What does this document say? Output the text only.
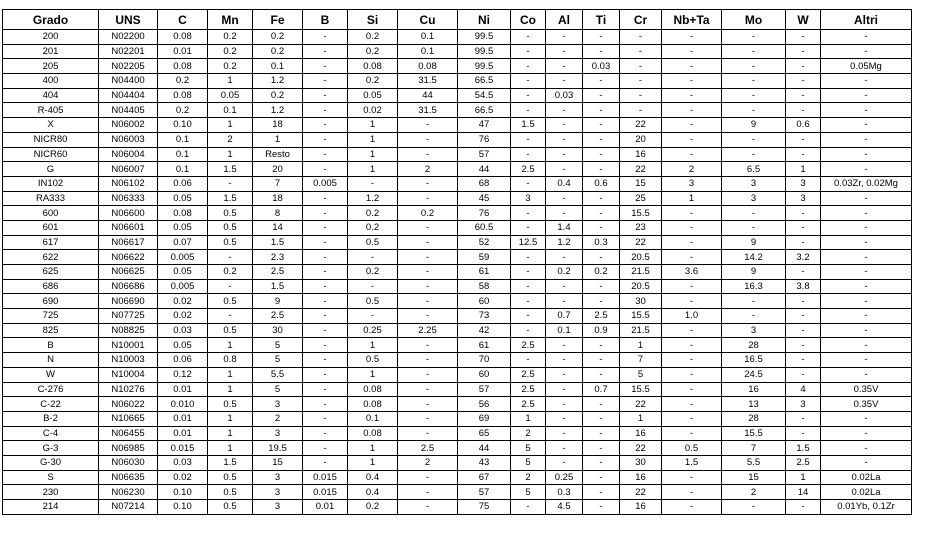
Grado	UNS	C	Mn	Fe	B	Si	Cu	Ni	Co	Al	Ti	Cr	Nb+Ta	Mo	W	Altri
200	N02200	0.08	0.2	0.2	-	0.2	0.1	99.5	-	-	-	-	-	-	-	-
201	N02201	0.01	0.2	0.2	-	0.2	0.1	99.5	-	-	-	-	-	-	-	-
205	N02205	0.08	0.2	0.1	-	0.08	0.08	99.5	-	-	0.03	-	-	-	-	0.05Mg
400	N04400	0.2	1	1.2	-	0.2	31.5	66.5	-	-	-	-	-	-	-	-
404	N04404	0.08	0.05	0.2	-	0.05	44	54.5	-	0.03	-	-	-	-	-	-
R-405	N04405	0.2	0.1	1.2	-	0.02	31.5	66.5	-	-	-	-	-	-	-	-
X	N06002	0.10	1	18	-	1	-	47	1.5	-	-	22	-	9	0.6	-
NICR80	N06003	0.1	2	1	-	1	-	76	-	-	-	20	-	-	-	-
NICR60	N06004	0.1	1	Resto	-	1	-	57	-	-	-	16	-	-	-	-
G	N06007	0.1	1.5	20	-	1	2	44	2.5	-	-	22	2	6.5	1	-
IN102	N06102	0.06	-	7	0.005	-	-	68	-	0.4	0.6	15	3	3	3	0.03Zr, 0.02Mg
RA333	N06333	0.05	1.5	18	-	1.2	-	45	3	-	-	25	1	3	3	-
600	N06600	0.08	0.5	8	-	0.2	0.2	76	-	-	-	15.5	-	-	-	-
601	N06601	0.05	0.5	14	-	0.2	-	60.5	-	1.4	-	23	-	-	-	-
617	N06617	0.07	0.5	1.5	-	0.5	-	52	12.5	1.2	0.3	22	-	9	-	-
622	N06622	0.005	-	2.3	-	-	-	59	-	-	-	20.5	-	14.2	3.2	-
625	N06625	0.05	0.2	2.5	-	0.2	-	61	-	0.2	0.2	21.5	3.6	9	-	-
686	N06686	0.005	-	1.5	-	-	-	58	-	-	-	20.5	-	16.3	3.8	-
690	N06690	0.02	0.5	9	-	0.5	-	60	-	-	-	30	-	-	-	-
725	N07725	0.02	-	2.5	-	-	-	73	-	0.7	2.5	15.5	1.0	-	-	-
825	N08825	0.03	0.5	30	-	0.25	2.25	42	-	0.1	0.9	21.5	-	3	-	-
B	N10001	0.05	1	5	-	1	-	61	2.5	-	-	1	-	28	-	-
N	N10003	0.06	0.8	5	-	0.5	-	70	-	-	-	7	-	16.5	-	-
W	N10004	0.12	1	5.5	-	1	-	60	2.5	-	-	5	-	24.5	-	-
C-276	N10276	0.01	1	5	-	0.08	-	57	2.5	-	0.7	15.5	-	16	4	0.35V
C-22	N06022	0.010	0.5	3	-	0.08	-	56	2.5	-	-	22	-	13	3	0.35V
B-2	N10665	0.01	1	2	-	0.1	-	69	1	-	-	1	-	28	-	-
C-4	N06455	0.01	1	3	-	0.08	-	65	2	-	-	16	-	15.5	-	-
G-3	N06985	0.015	1	19.5	-	1	2.5	44	5	-	-	22	0.5	7	1.5	-
G-30	N06030	0.03	1.5	15	-	1	2	43	5	-	-	30	1.5	5.5	2.5	-
S	N06635	0.02	0.5	3	0.015	0.4	-	67	2	0.25	-	16	-	15	1	0.02La
230	N06230	0.10	0.5	3	0.015	0.4	-	57	5	0.3	-	22	-	2	14	0.02La
214	N07214	0.10	0.5	3	0.01	0.2	-	75	-	4.5	-	16	-	-	-	0.01Yb, 0.1Zr
